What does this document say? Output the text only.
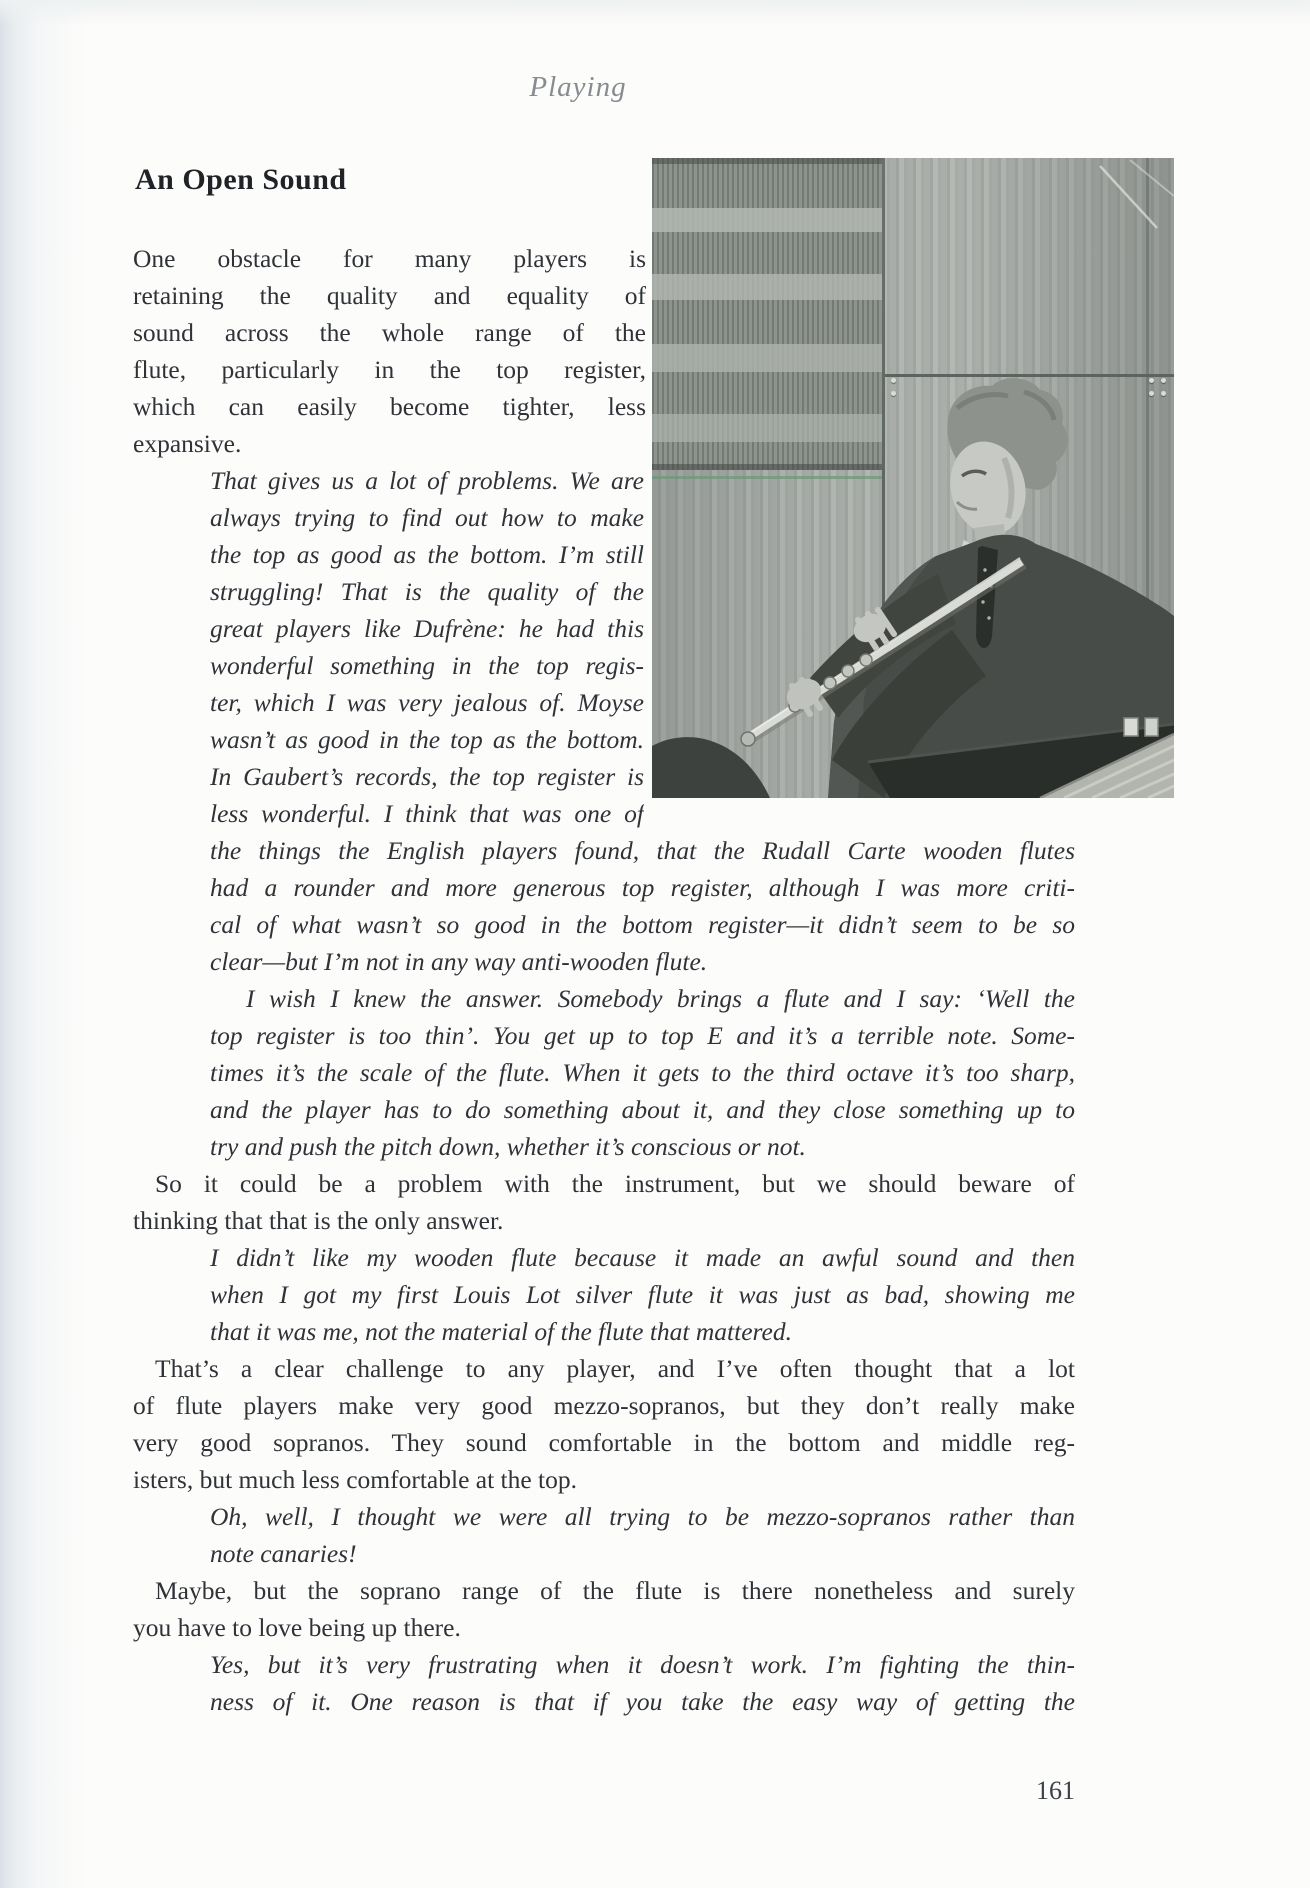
Playing
An Open Sound
One obstacle for many players is
retaining the quality and equality of
sound across the whole range of the
flute, particularly in the top register,
which can easily become tighter, less
expansive.
That gives us a lot of problems. We are
always trying to find out how to make
the top as good as the bottom. I’m still
struggling! That is the quality of the
great players like Dufrène: he had this
wonderful something in the top regis-
ter, which I was very jealous of. Moyse
wasn’t as good in the top as the bottom.
In Gaubert’s records, the top register is
less wonderful. I think that was one of
the things the English players found, that the Rudall Carte wooden flutes
had a rounder and more generous top register, although I was more criti-
cal of what wasn’t so good in the bottom register—it didn’t seem to be so
clear—but I’m not in any way anti-wooden flute.
I wish I knew the answer. Somebody brings a flute and I say: ‘Well the
top register is too thin’. You get up to top E and it’s a terrible note. Some-
times it’s the scale of the flute. When it gets to the third octave it’s too sharp,
and the player has to do something about it, and they close something up to
try and push the pitch down, whether it’s conscious or not.
So it could be a problem with the instrument, but we should beware of
thinking that that is the only answer.
I didn’t like my wooden flute because it made an awful sound and then
when I got my first Louis Lot silver flute it was just as bad, showing me
that it was me, not the material of the flute that mattered.
That’s a clear challenge to any player, and I’ve often thought that a lot
of flute players make very good mezzo-sopranos, but they don’t really make
very good sopranos. They sound comfortable in the bottom and middle reg-
isters, but much less comfortable at the top.
Oh, well, I thought we were all trying to be mezzo-sopranos rather than
note canaries!
Maybe, but the soprano range of the flute is there nonetheless and surely
you have to love being up there.
Yes, but it’s very frustrating when it doesn’t work. I’m fighting the thin-
ness of it. One reason is that if you take the easy way of getting the
161
